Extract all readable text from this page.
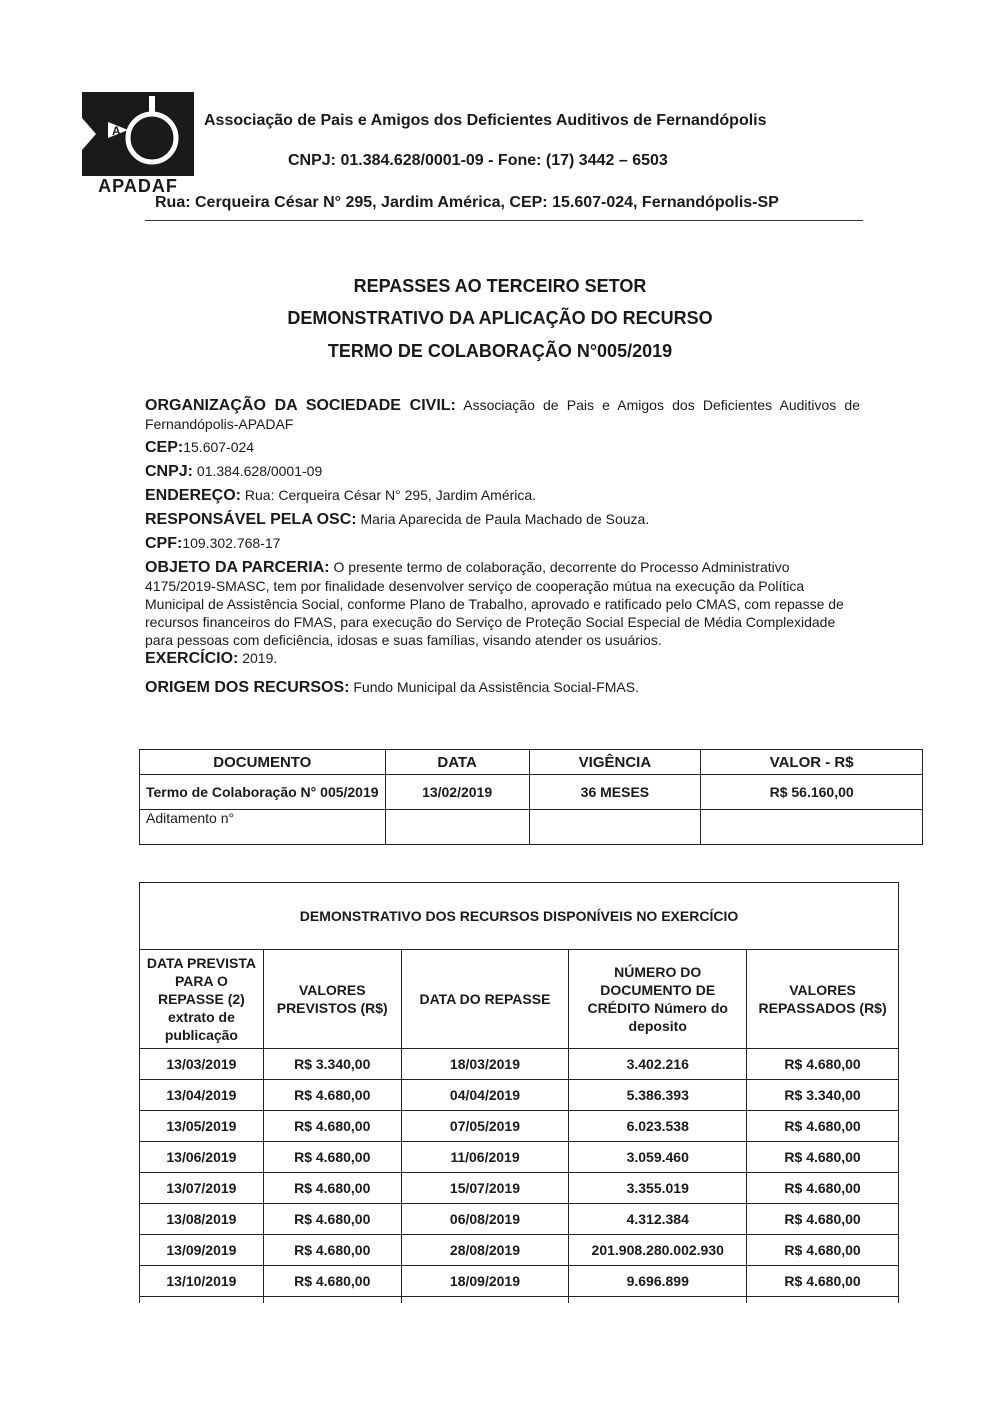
A
APADAF
Associação de Pais e Amigos dos Deficientes Auditivos de Fernandópolis
CNPJ: 01.384.628/0001-09 - Fone: (17) 3442 – 6503
Rua: Cerqueira César N° 295, Jardim América, CEP: 15.607-024, Fernandópolis-SP
REPASSES AO TERCEIRO SETOR
DEMONSTRATIVO DA APLICAÇÃO DO RECURSO
TERMO DE COLABORAÇÃO N°005/2019
ORGANIZAÇÃO DA SOCIEDADE CIVIL: Associação de Pais e Amigos dos Deficientes Auditivos de Fernandópolis-APADAF
CEP:15.607-024
CNPJ: 01.384.628/0001-09
ENDEREÇO: Rua: Cerqueira César N° 295, Jardim América.
RESPONSÁVEL PELA OSC: Maria Aparecida de Paula Machado de Souza.
CPF:109.302.768-17
OBJETO DA PARCERIA: O presente termo de colaboração, decorrente do Processo Administrativo 4175/2019-SMASC, tem por finalidade desenvolver serviço de cooperação mútua na execução da Política Municipal de Assistência Social, conforme Plano de Trabalho, aprovado e ratificado pelo CMAS, com repasse de recursos financeiros do FMAS, para execução do Serviço de Proteção Social Especial de Média Complexidade para pessoas com deficiência, idosas e suas famílias, visando atender os usuários.
EXERCÍCIO: 2019.
ORIGEM DOS RECURSOS: Fundo Municipal da Assistência Social-FMAS.
DOCUMENTO	DATA	VIGÊNCIA	VALOR - R$
Termo de Colaboração N° 005/2019	13/02/2019	36 MESES	R$ 56.160,00
Aditamento n°			
DEMONSTRATIVO DOS RECURSOS DISPONÍVEIS NO EXERCÍCIO				
DATA PREVISTA PARA O REPASSE (2) extrato de publicação	VALORES PREVISTOS (R$)	DATA DO REPASSE	NÚMERO DO DOCUMENTO DE CRÉDITO Número do deposito	VALORES REPASSADOS (R$)
13/03/2019	R$ 3.340,00	18/03/2019	3.402.216	R$ 4.680,00
13/04/2019	R$ 4.680,00	04/04/2019	5.386.393	R$ 3.340,00
13/05/2019	R$ 4.680,00	07/05/2019	6.023.538	R$ 4.680,00
13/06/2019	R$ 4.680,00	11/06/2019	3.059.460	R$ 4.680,00
13/07/2019	R$ 4.680,00	15/07/2019	3.355.019	R$ 4.680,00
13/08/2019	R$ 4.680,00	06/08/2019	4.312.384	R$ 4.680,00
13/09/2019	R$ 4.680,00	28/08/2019	201.908.280.002.930	R$ 4.680,00
13/10/2019	R$ 4.680,00	18/09/2019	9.696.899	R$ 4.680,00
